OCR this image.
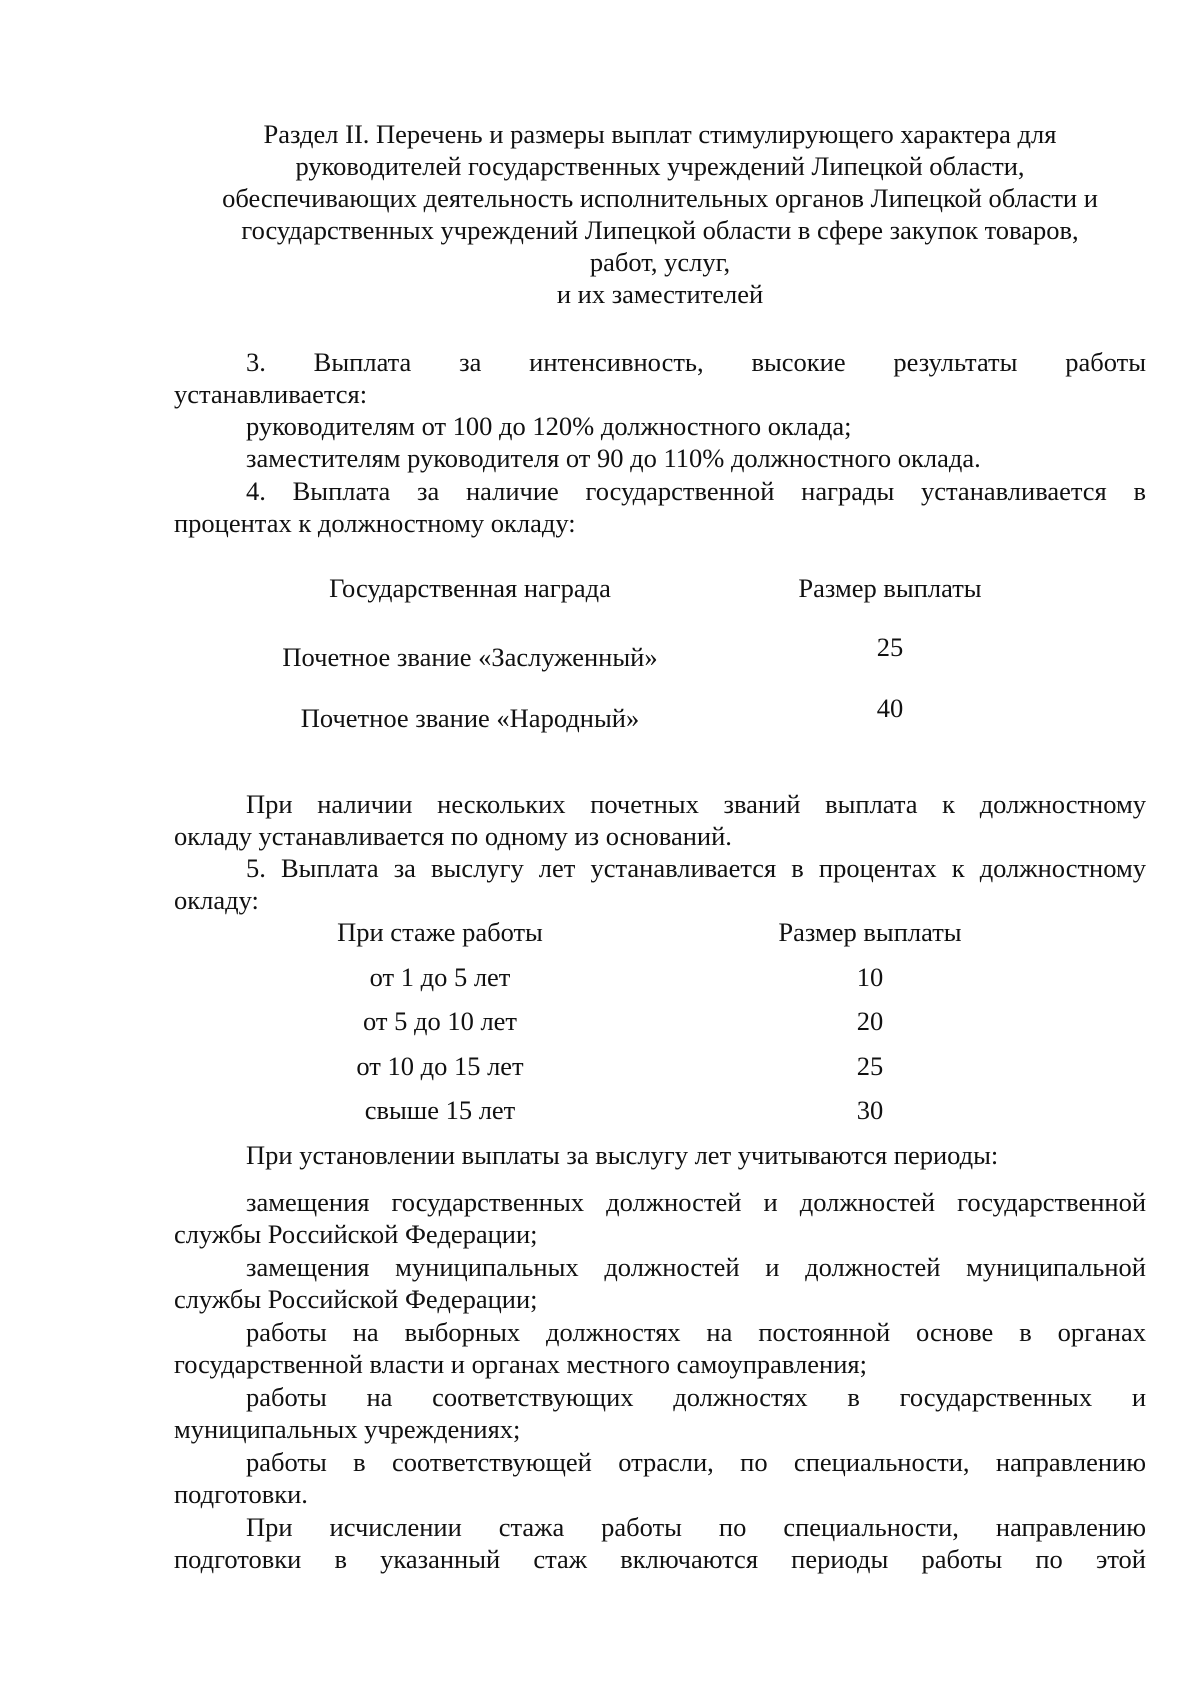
Раздел II. Перечень и размеры выплат стимулирующего характера для
руководителей государственных учреждений Липецкой области,
обеспечивающих деятельность исполнительных органов Липецкой области и
государственных учреждений Липецкой области в сфере закупок товаров,
работ, услуг,
и их заместителей
3. Выплата за интенсивность, высокие результаты работы
устанавливается:
руководителям от 100 до 120% должностного оклада;
заместителям руководителя от 90 до 110% должностного оклада.
4. Выплата за наличие государственной награды устанавливается в
процентах к должностному окладу:
Государственная награда	Размер выплаты
Почетное звание «Заслуженный»	25
Почетное звание «Народный»	40
При наличии нескольких почетных званий выплата к должностному
окладу устанавливается по одному из оснований.
5. Выплата за выслугу лет устанавливается в процентах к должностному
окладу:
При стаже работы	Размер выплаты
от 1 до 5 лет	10
от 5 до 10 лет	20
от 10 до 15 лет	25
свыше 15 лет	30
При установлении выплаты за выслугу лет учитываются периоды:
замещения государственных должностей и должностей государственной
службы Российской Федерации;
замещения муниципальных должностей и должностей муниципальной
службы Российской Федерации;
работы на выборных должностях на постоянной основе в органах
государственной власти и органах местного самоуправления;
работы на соответствующих должностях в государственных и
муниципальных учреждениях;
работы в соответствующей отрасли, по специальности, направлению
подготовки.
При исчислении стажа работы по специальности, направлению
подготовки в указанный стаж включаются периоды работы по этой
